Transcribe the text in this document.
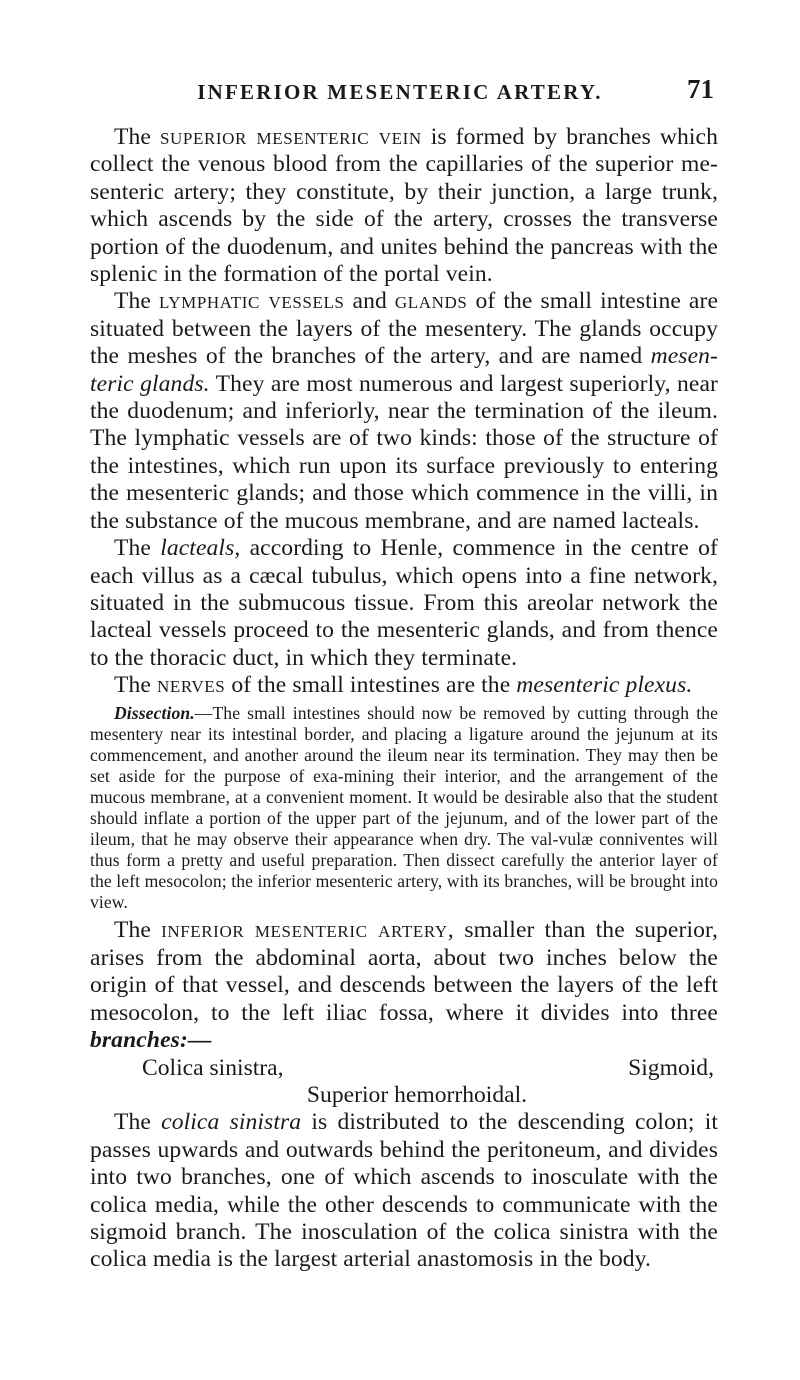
INFERIOR MESENTERIC ARTERY.	71

The superior mesenteric vein is formed by branches which collect the venous blood from the capillaries of the superior me-senteric artery; they constitute, by their junction, a large trunk, which ascends by the side of the artery, crosses the transverse portion of the duodenum, and unites behind the pancreas with the splenic in the formation of the portal vein.

The lymphatic vessels and glands of the small intestine are situated between the layers of the mesentery. The glands occupy the meshes of the branches of the artery, and are named mesen-teric glands. They are most numerous and largest superiorly, near the duodenum; and inferiorly, near the termination of the ileum. The lymphatic vessels are of two kinds: those of the structure of the intestines, which run upon its surface previously to entering the mesenteric glands; and those which commence in the villi, in the substance of the mucous membrane, and are named lacteals.

The lacteals, according to Henle, commence in the centre of each villus as a cæcal tubulus, which opens into a fine network, situated in the submucous tissue. From this areolar network the lacteal vessels proceed to the mesenteric glands, and from thence to the thoracic duct, in which they terminate.

The nerves of the small intestines are the mesenteric plexus.

Dissection.—The small intestines should now be removed by cutting through the mesentery near its intestinal border, and placing a ligature around the jejunum at its commencement, and another around the ileum near its termination. They may then be set aside for the purpose of exa-mining their interior, and the arrangement of the mucous membrane, at a convenient moment. It would be desirable also that the student should inflate a portion of the upper part of the jejunum, and of the lower part of the ileum, that he may observe their appearance when dry. The val-vulæ conniventes will thus form a pretty and useful preparation. Then dissect carefully the anterior layer of the left mesocolon; the inferior mesenteric artery, with its branches, will be brought into view.

The inferior mesenteric artery, smaller than the superior, arises from the abdominal aorta, about two inches below the origin of that vessel, and descends between the layers of the left mesocolon, to the left iliac fossa, where it divides into three branches:—

Colica sinistra,	Sigmoid,
Superior hemorrhoidal.

The colica sinistra is distributed to the descending colon; it passes upwards and outwards behind the peritoneum, and divides into two branches, one of which ascends to inosculate with the colica media, while the other descends to communicate with the sigmoid branch. The inosculation of the colica sinistra with the colica media is the largest arterial anastomosis in the body.
